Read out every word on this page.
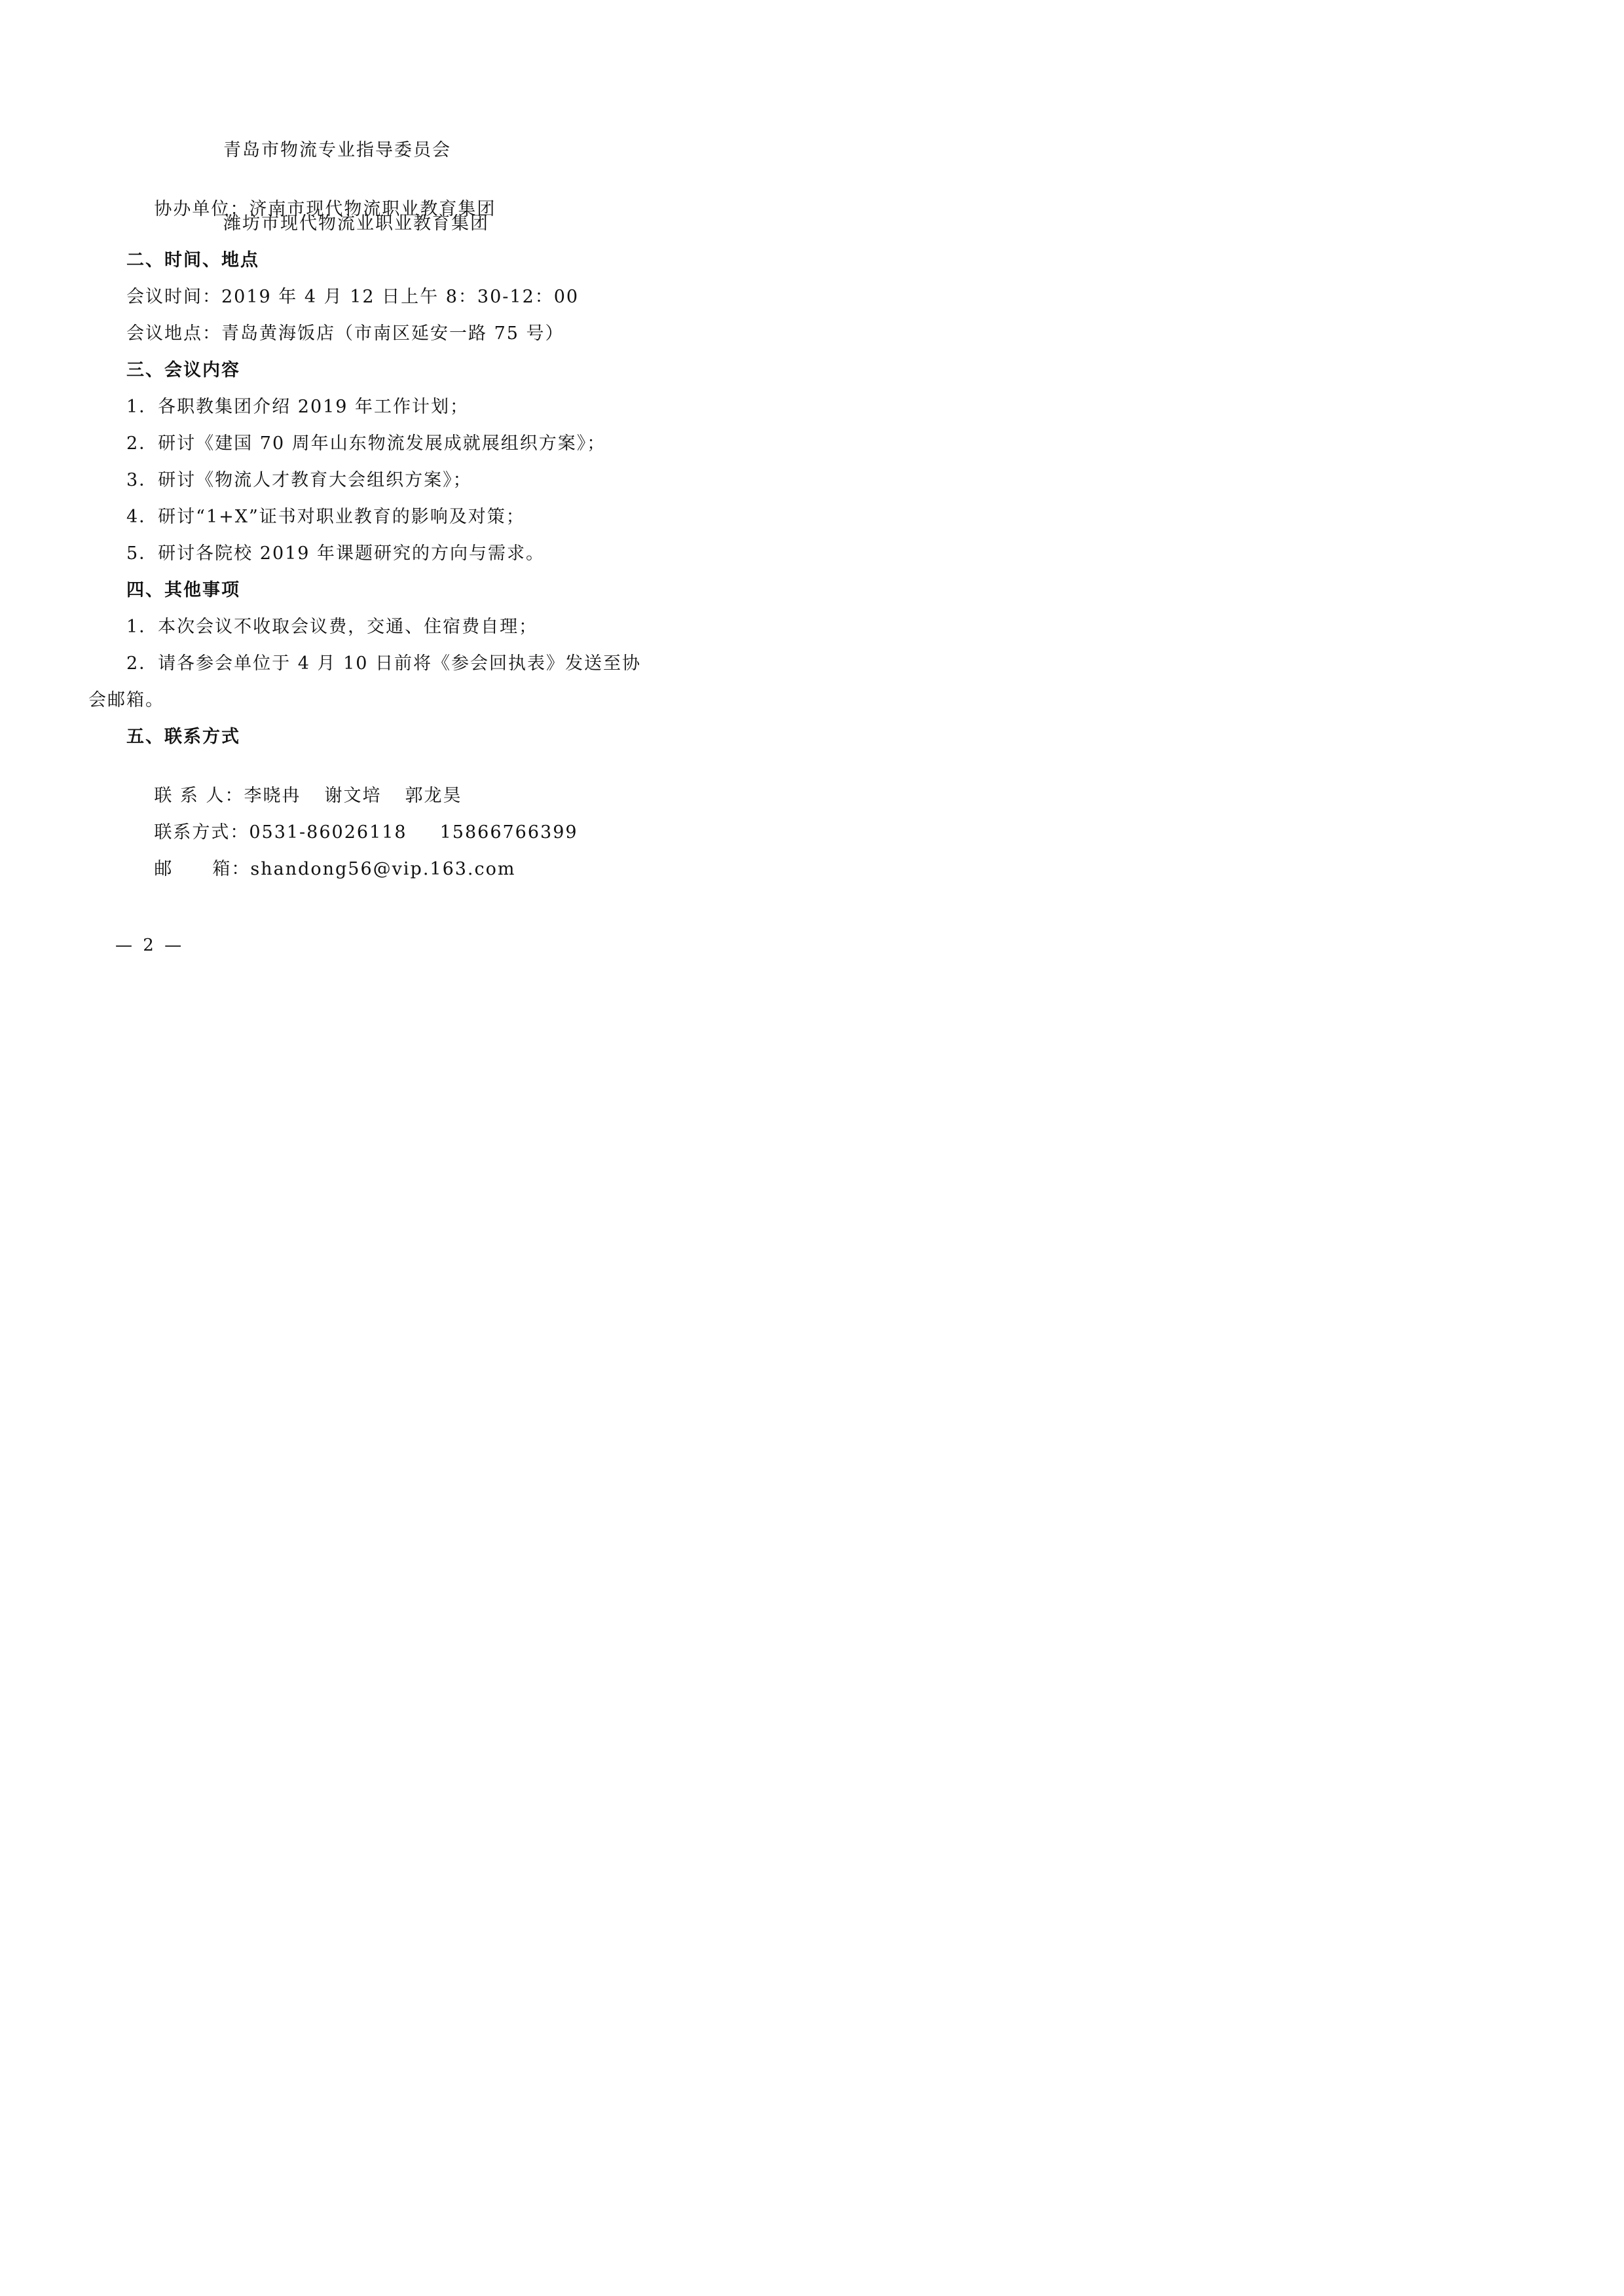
青岛市物流专业指导委员会

协办单位：济南市现代物流职业教育集团

潍坊市现代物流业职业教育集团
二、时间、地点
会议时间：2019 年 4 月 12 日上午 8：30-12：00
会议地点：青岛黄海饭店（市南区延安一路 75 号）
三、会议内容
1．各职教集团介绍 2019 年工作计划；
2．研讨《建国 70 周年山东物流发展成就展组织方案》；
3．研讨《物流人才教育大会组织方案》；
4．研讨“1+X”证书对职业教育的影响及对策；
5．研讨各院校 2019 年课题研究的方向与需求。
四、其他事项
1．本次会议不收取会议费，交通、住宿费自理；
2．请各参会单位于 4 月 10 日前将《参会回执表》发送至协
会邮箱。
五、联系方式

联 系 人：李晓冉 谢文培 郭龙昊

联系方式：0531-86026118 15866766399

邮 箱：shandong56@vip.163.com

— 2 —
